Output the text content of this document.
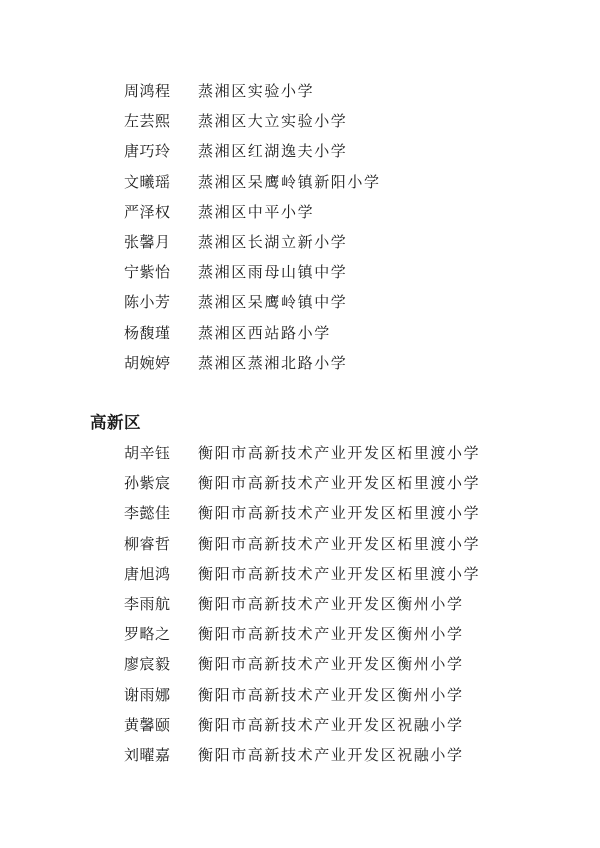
周鸿程 蒸湘区实验小学
左芸熙 蒸湘区大立实验小学
唐巧玲 蒸湘区红湖逸夫小学
文曦瑶 蒸湘区呆鹰岭镇新阳小学
严泽权 蒸湘区中平小学
张馨月 蒸湘区长湖立新小学
宁紫怡 蒸湘区雨母山镇中学
陈小芳 蒸湘区呆鹰岭镇中学
杨馥瑾 蒸湘区西站路小学
胡婉婷 蒸湘区蒸湘北路小学
高新区
胡辛钰 衡阳市高新技术产业开发区柘里渡小学
孙紫宸 衡阳市高新技术产业开发区柘里渡小学
李懿佳 衡阳市高新技术产业开发区柘里渡小学
柳睿哲 衡阳市高新技术产业开发区柘里渡小学
唐旭鸿 衡阳市高新技术产业开发区柘里渡小学
李雨航 衡阳市高新技术产业开发区衡州小学
罗略之 衡阳市高新技术产业开发区衡州小学
廖宸毅 衡阳市高新技术产业开发区衡州小学
谢雨娜 衡阳市高新技术产业开发区衡州小学
黄馨颐 衡阳市高新技术产业开发区祝融小学
刘曜嘉 衡阳市高新技术产业开发区祝融小学
